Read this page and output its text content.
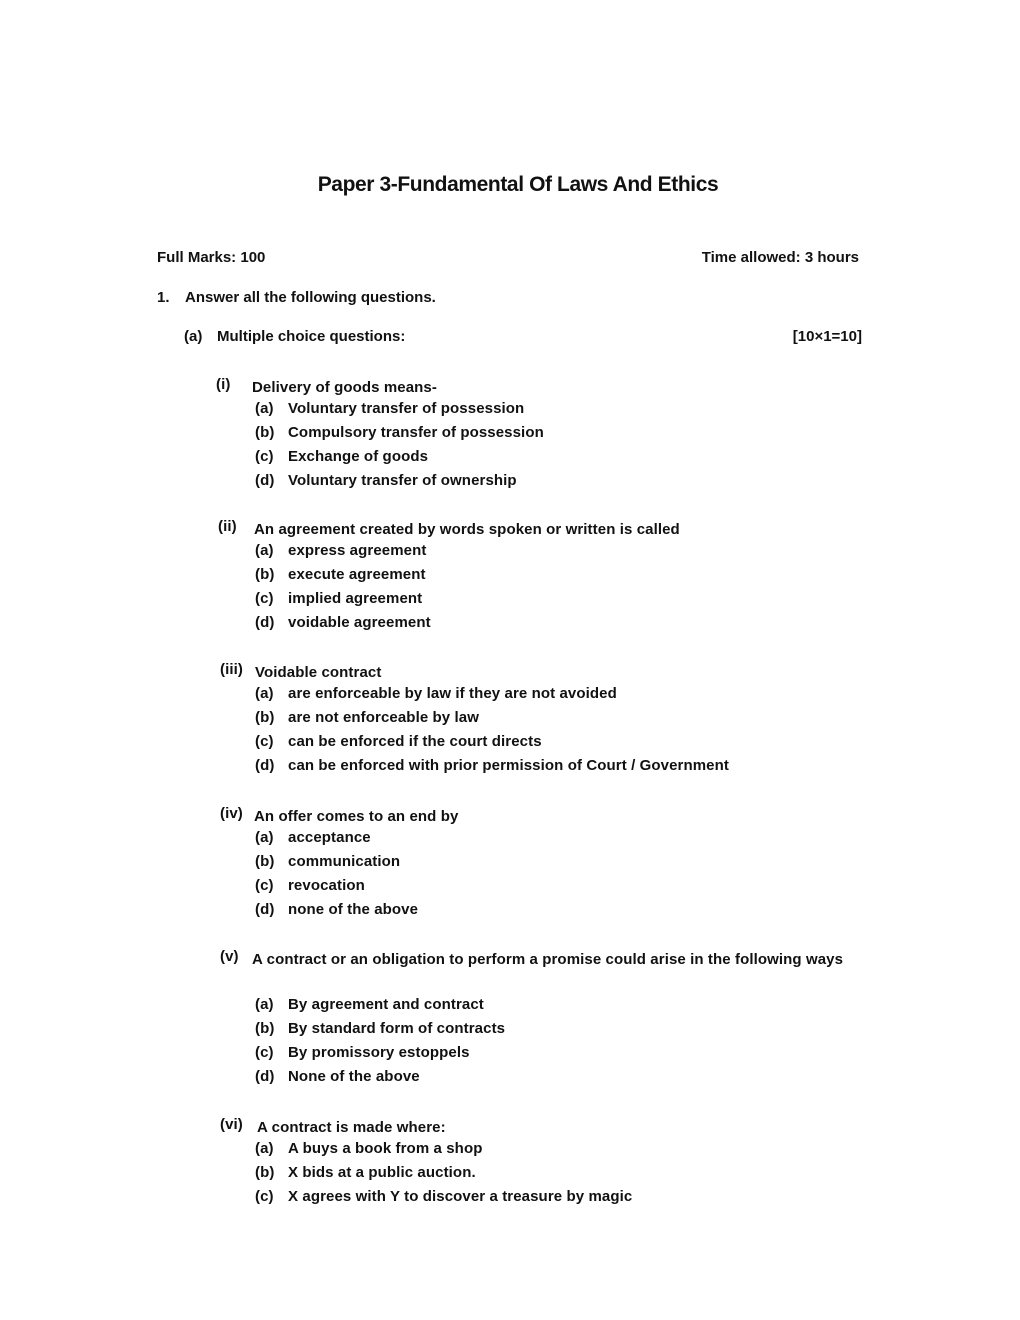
Paper 3-Fundamental Of Laws And Ethics
Full Marks: 100	Time allowed: 3 hours
1. Answer all the following questions.
(a) Multiple choice questions:	[10×1=10]
(i) Delivery of goods means-
(a) Voluntary transfer of possession
(b) Compulsory transfer of possession
(c) Exchange of goods
(d) Voluntary transfer of ownership
(ii) An agreement created by words spoken or written is called
(a) express agreement
(b) execute agreement
(c) implied agreement
(d) voidable agreement
(iii) Voidable contract
(a) are enforceable by law if they are not avoided
(b) are not enforceable by law
(c) can be enforced if the court directs
(d) can be enforced with prior permission of Court / Government
(iv) An offer comes to an end by
(a) acceptance
(b) communication
(c) revocation
(d) none of the above
(v) A contract or an obligation to perform a promise could arise in the following ways
(a) By agreement and contract
(b) By standard form of contracts
(c) By promissory estoppels
(d) None of the above
(vi) A contract is made where:
(a) A buys a book from a shop
(b) X bids at a public auction.
(c) X agrees with Y to discover a treasure by magic
